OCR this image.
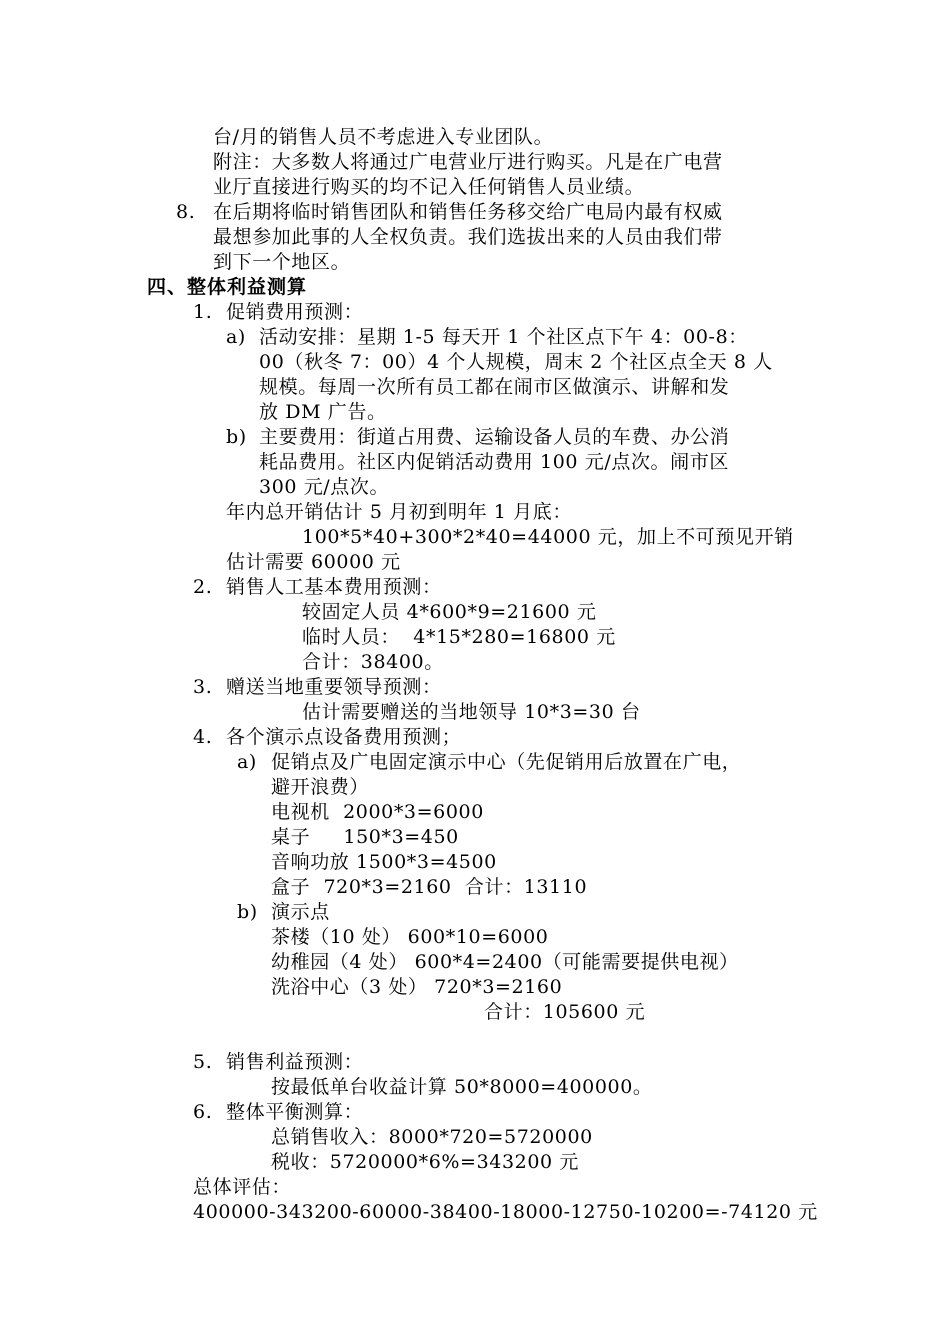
台/月的销售人员不考虑进入专业团队。
附注：大多数人将通过广电营业厅进行购买。凡是在广电营
业厅直接进行购买的均不记入任何销售人员业绩。
8. 在后期将临时销售团队和销售任务移交给广电局内最有权威
最想参加此事的人全权负责。我们选拔出来的人员由我们带
到下一个地区。
四、整体利益测算
1. 促销费用预测：
a) 活动安排：星期 1-5 每天开 1 个社区点下午 4：00-8：
00（秋冬 7：00）4 个人规模，周末 2 个社区点全天 8 人
规模。每周一次所有员工都在闹市区做演示、讲解和发
放 DM 广告。
b) 主要费用：街道占用费、运输设备人员的车费、办公消
耗品费用。社区内促销活动费用 100 元/点次。闹市区
300 元/点次。
年内总开销估计 5 月初到明年 1 月底：
100*5*40+300*2*40=44000 元，加上不可预见开销
估计需要 60000 元
2. 销售人工基本费用预测：
较固定人员 4*600*9=21600 元
临时人员：  4*15*280=16800 元
合计：38400。
3. 赠送当地重要领导预测：
估计需要赠送的当地领导 10*3=30 台
4. 各个演示点设备费用预测；
a) 促销点及广电固定演示中心（先促销用后放置在广电，
避开浪费）
电视机  2000*3=6000
桌子     150*3=450
音响功放 1500*3=4500
盒子  720*3=2160  合计：13110
b) 演示点
茶楼（10 处） 600*10=6000
幼稚园（4 处） 600*4=2400（可能需要提供电视）
洗浴中心（3 处） 720*3=2160
合计：105600 元
5. 销售利益预测：
按最低单台收益计算 50*8000=400000。
6. 整体平衡测算：
总销售收入：8000*720=5720000
税收：5720000*6%=343200 元
总体评估：
400000-343200-60000-38400-18000-12750-10200=-74120 元
